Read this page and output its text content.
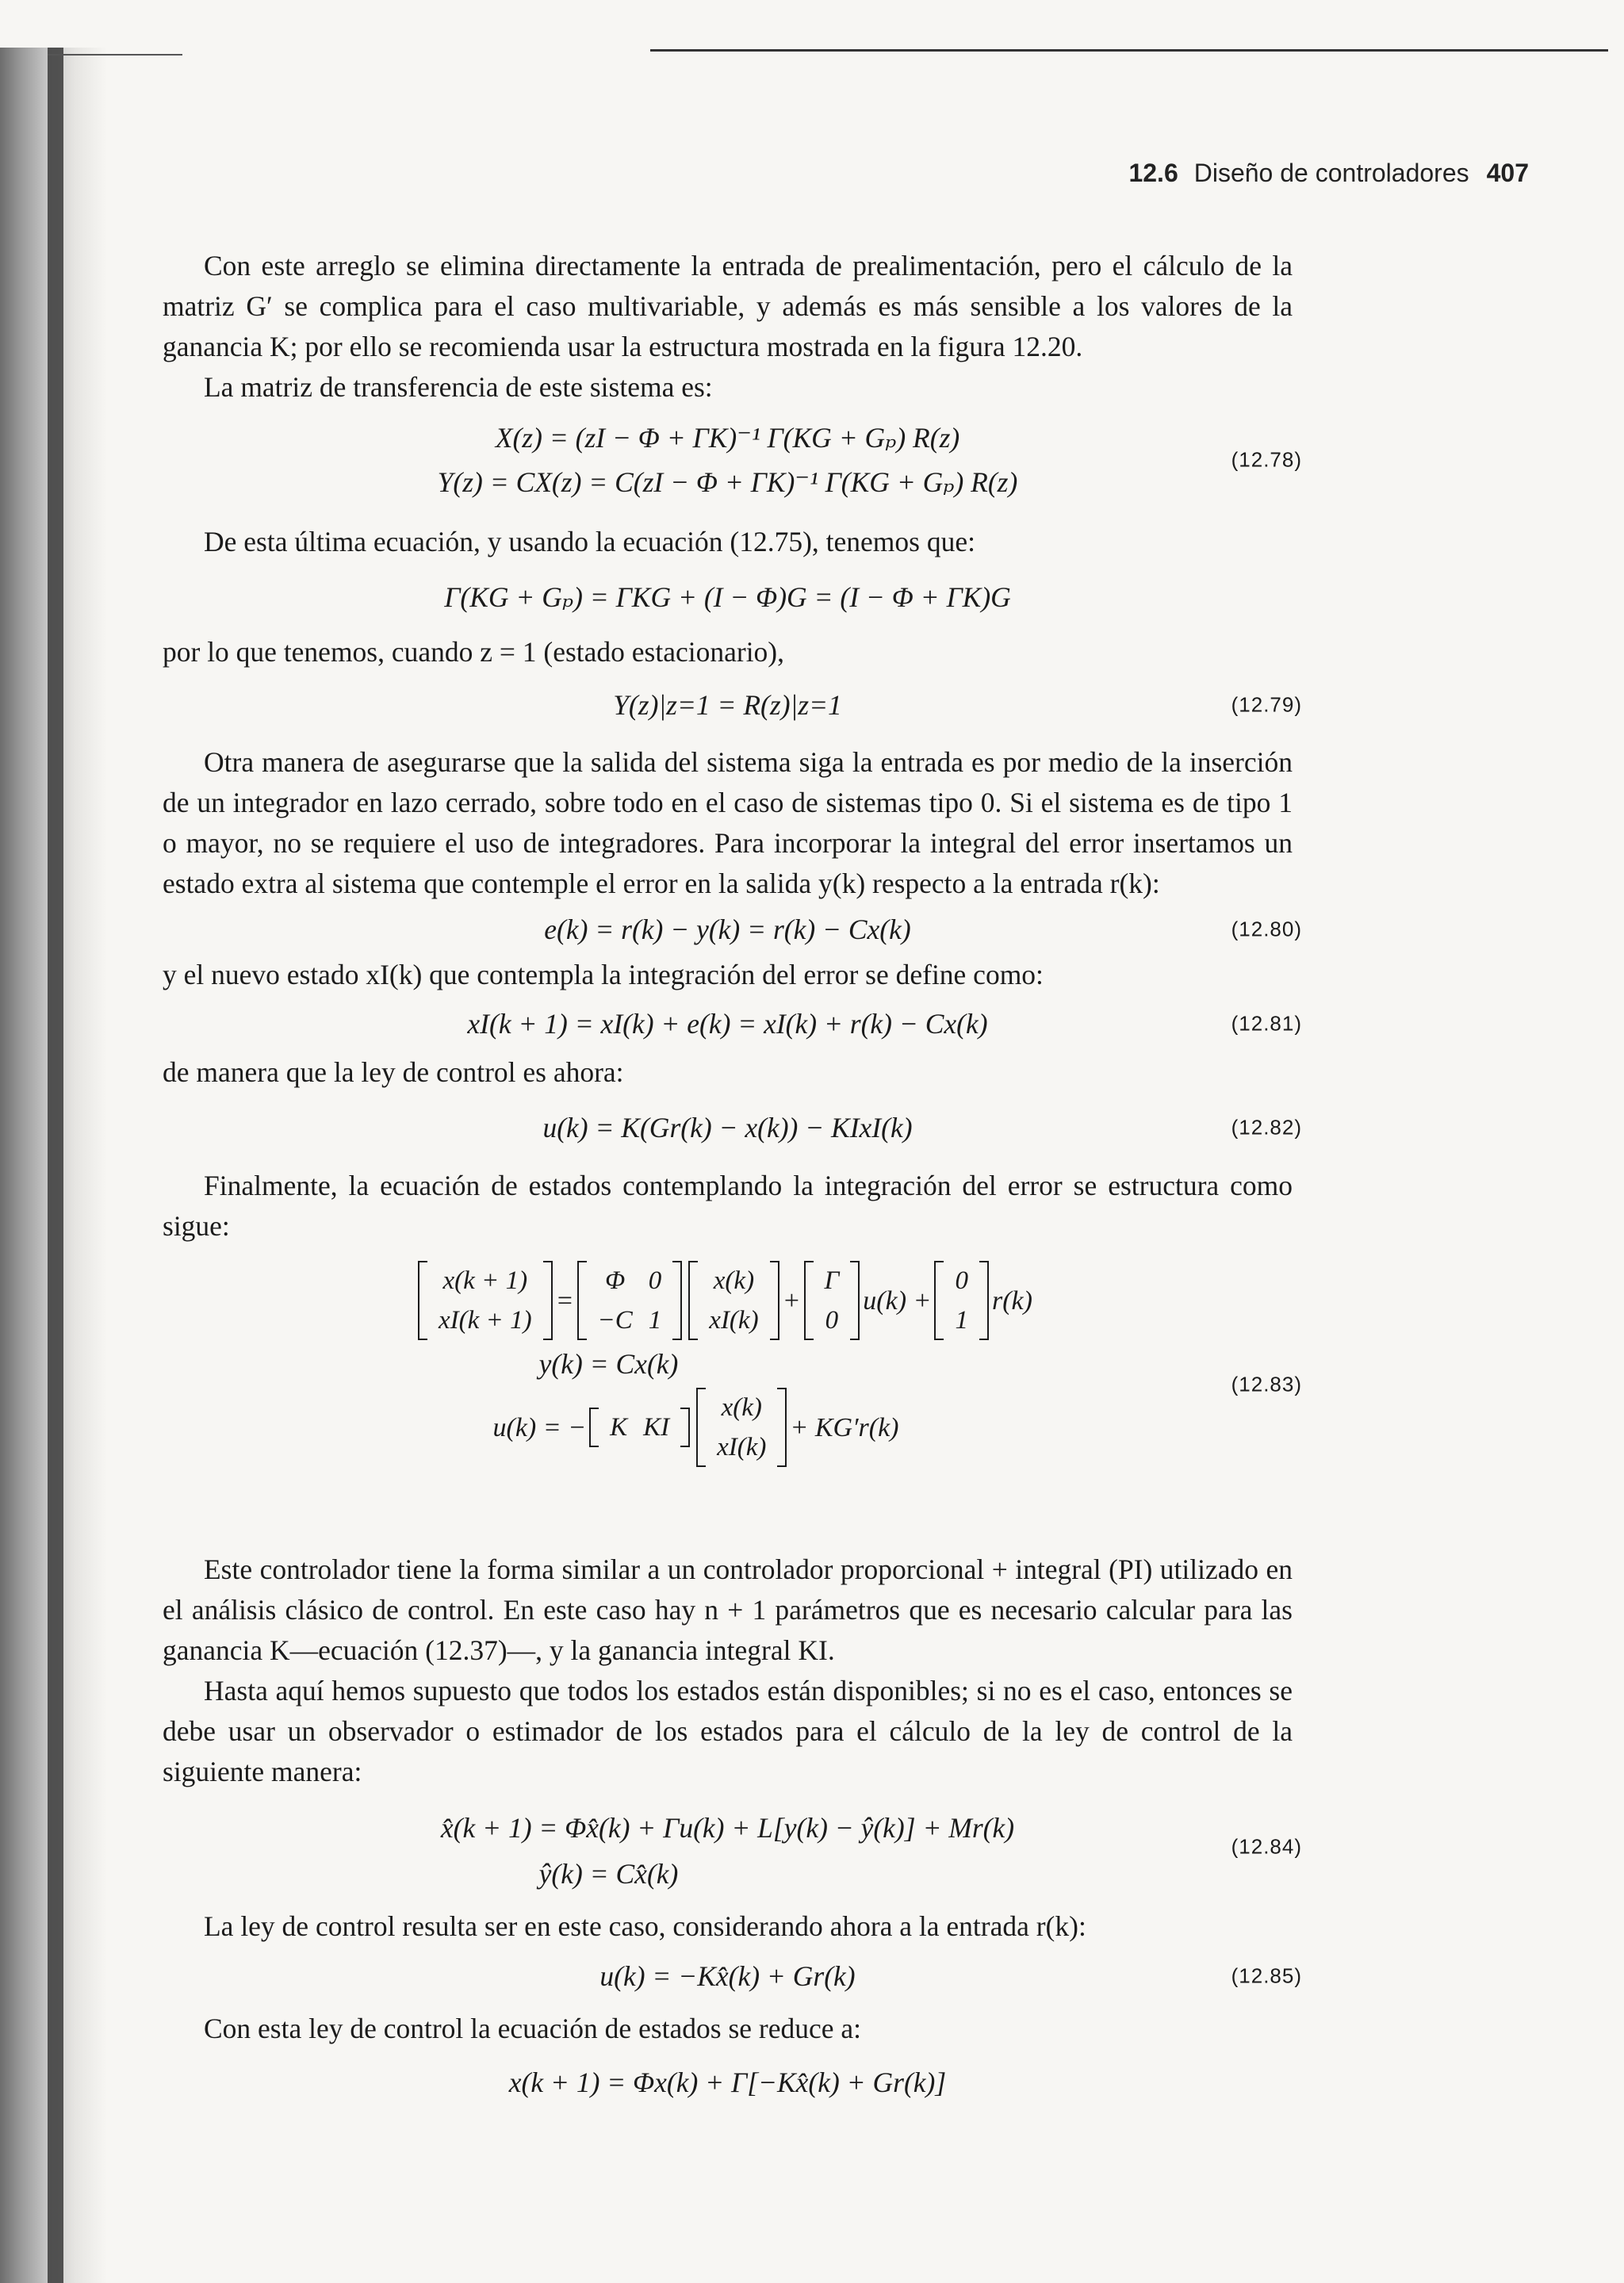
12.6 Diseño de controladores 407

Con este arreglo se elimina directamente la entrada de prealimentación, pero el cálculo de la matriz G′ se complica para el caso multivariable, y además es más sensible a los valores de la ganancia K; por ello se recomienda usar la estructura mostrada en la figura 12.20.

La matriz de transferencia de este sistema es:

X(z) = (zI − Φ + ΓK)⁻¹ Γ(KG + Gₚ) R(z)
Y(z) = CX(z) = C(zI − Φ + ΓK)⁻¹ Γ(KG + Gₚ) R(z)
(12.78)

De esta última ecuación, y usando la ecuación (12.75), tenemos que:

Γ(KG + Gₚ) = ΓKG + (I − Φ)G = (I − Φ + ΓK)G

por lo que tenemos, cuando z = 1 (estado estacionario),

Y(z)|z=1 = R(z)|z=1	(12.79)

Otra manera de asegurarse que la salida del sistema siga la entrada es por medio de la inserción de un integrador en lazo cerrado, sobre todo en el caso de sistemas tipo 0. Si el sistema es de tipo 1 o mayor, no se requiere el uso de integradores. Para incorporar la integral del error insertamos un estado extra al sistema que contemple el error en la salida y(k) respecto a la entrada r(k):

e(k) = r(k) − y(k) = r(k) − Cx(k)	(12.80)

y el nuevo estado xI(k) que contempla la integración del error se define como:

xI(k + 1) = xI(k) + e(k) = xI(k) + r(k) − Cx(k)	(12.81)

de manera que la ley de control es ahora:

u(k) = K(Gr(k) − x(k)) − KIxI(k)	(12.82)

Finalmente, la ecuación de estados contemplando la integración del error se estructura como sigue:

x(k + 1)
xI(k + 1)
=
Φ	0
−C	1
x(k)
xI(k)
+
Γ
0
u(k) +
0
1
r(k)
y(k) = Cx(k)
u(k) = − K	KI
x(k)
xI(k)
+ KG′r(k)
(12.83)

Este controlador tiene la forma similar a un controlador proporcional + integral (PI) utilizado en el análisis clásico de control. En este caso hay n + 1 parámetros que es necesario calcular para las ganancia K—ecuación (12.37)—, y la ganancia integral KI.

Hasta aquí hemos supuesto que todos los estados están disponibles; si no es el caso, entonces se debe usar un observador o estimador de los estados para el cálculo de la ley de control de la siguiente manera:

x̂(k + 1) = Φx̂(k) + Γu(k) + L[y(k) − ŷ(k)] + Mr(k)
ŷ(k) = Cx̂(k)
(12.84)

La ley de control resulta ser en este caso, considerando ahora a la entrada r(k):

u(k) = −Kx̂(k) + Gr(k)	(12.85)

Con esta ley de control la ecuación de estados se reduce a:

x(k + 1) = Φx(k) + Γ[−Kx̂(k) + Gr(k)]
